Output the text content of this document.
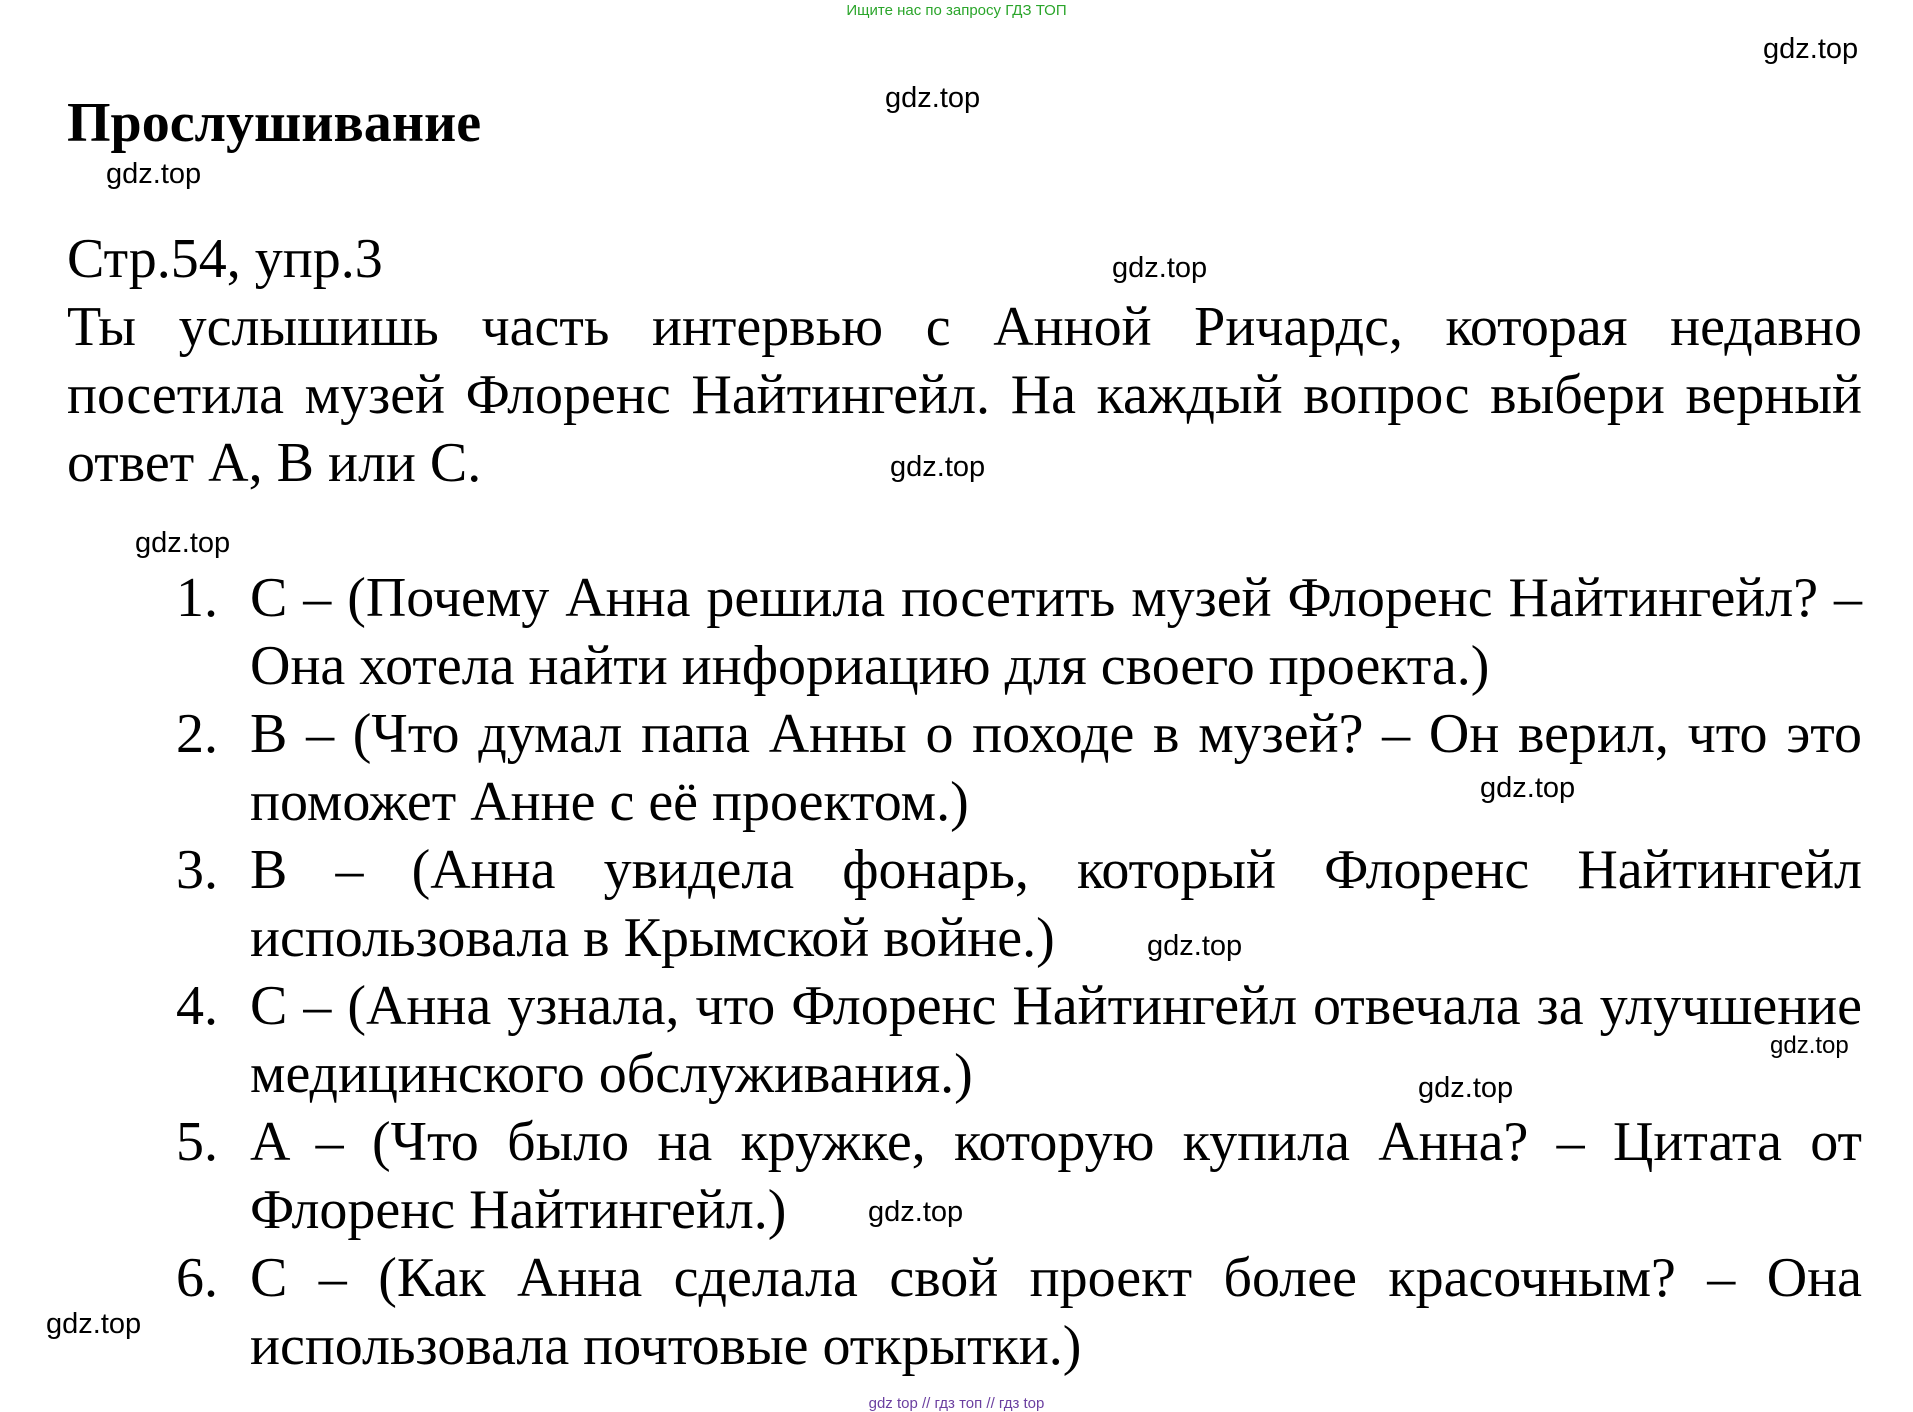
Ищите нас по запросу ГДЗ ТОП
Прослушивание
Стр.54, упр.3

Ты услышишь часть интервью с Анной Ричардс, которая недавно посетила музей Флоренс Найтингейл. На каждый вопрос выбери верный ответ A, B или C.

1. C – (Почему Анна решила посетить музей Флоренс Найтингейл? – Она хотела найти инфориацию для своего проекта.)
2. B – (Что думал папа Анны о походе в музей? – Он верил, что это поможет Анне с её проектом.)
3. B – (Анна увидела фонарь, который Флоренс Найтингейл использовала в Крымской войне.)
4. C – (Анна узнала, что Флоренс Найтингейл отвечала за улучшение медицинского обслуживания.)
5. A – (Что было на кружке, которую купила Анна? – Цитата от Флоренс Найтингейл.)
6. C – (Как Анна сделала свой проект более красочным? – Она использовала почтовые открытки.)
gdz.top
gdz.top
gdz.top
gdz.top
gdz.top
gdz.top
gdz.top
gdz.top
gdz.top
gdz.top
gdz.top
gdz.top
gdz top // гдз топ // гдз top
